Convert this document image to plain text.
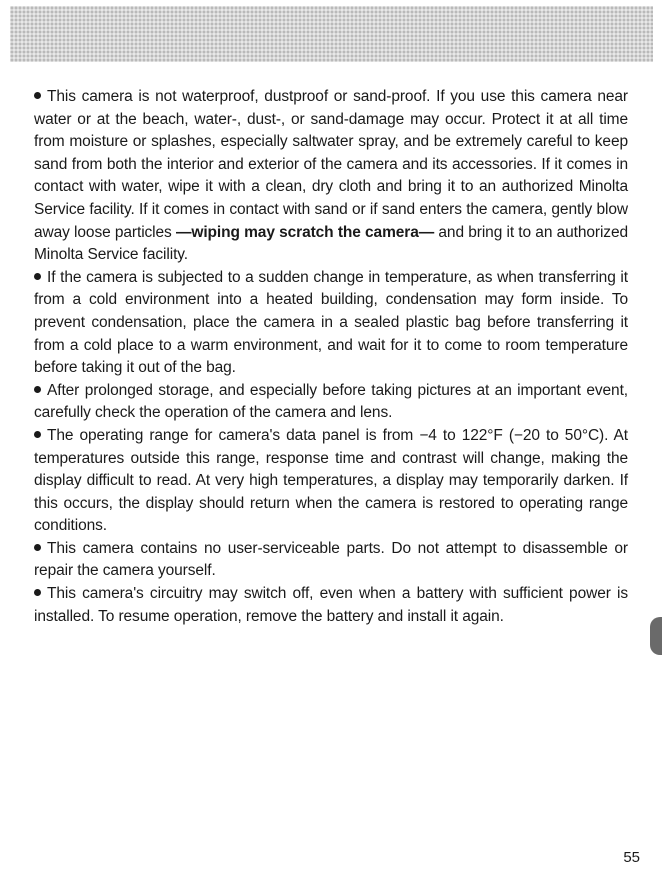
This camera is not waterproof, dustproof or sand-proof. If you use this camera near water or at the beach, water-, dust-, or sand-damage may occur. Protect it at all time from moisture or splashes, especially saltwater spray, and be extremely careful to keep sand from both the interior and exterior of the camera and its accessories. If it comes in contact with water, wipe it with a clean, dry cloth and bring it to an authorized Minolta Service facility. If it comes in contact with sand or if sand enters the camera, gently blow away loose particles —wiping may scratch the camera— and bring it to an authorized Minolta Service facility.

If the camera is subjected to a sudden change in temperature, as when transferring it from a cold environment into a heated building, condensation may form inside. To prevent condensation, place the camera in a sealed plastic bag before transferring it from a cold place to a warm environment, and wait for it to come to room temperature before taking it out of the bag.

After prolonged storage, and especially before taking pictures at an important event, carefully check the operation of the camera and lens.

The operating range for camera's data panel is from −4 to 122°F (−20 to 50°C). At temperatures outside this range, response time and contrast will change, making the display difficult to read. At very high temperatures, a display may temporarily darken. If this occurs, the display should return when the camera is restored to operating range conditions.

This camera contains no user-serviceable parts. Do not attempt to disassemble or repair the camera yourself.

This camera's circuitry may switch off, even when a battery with sufficient power is installed. To resume operation, remove the battery and install it again.

55
